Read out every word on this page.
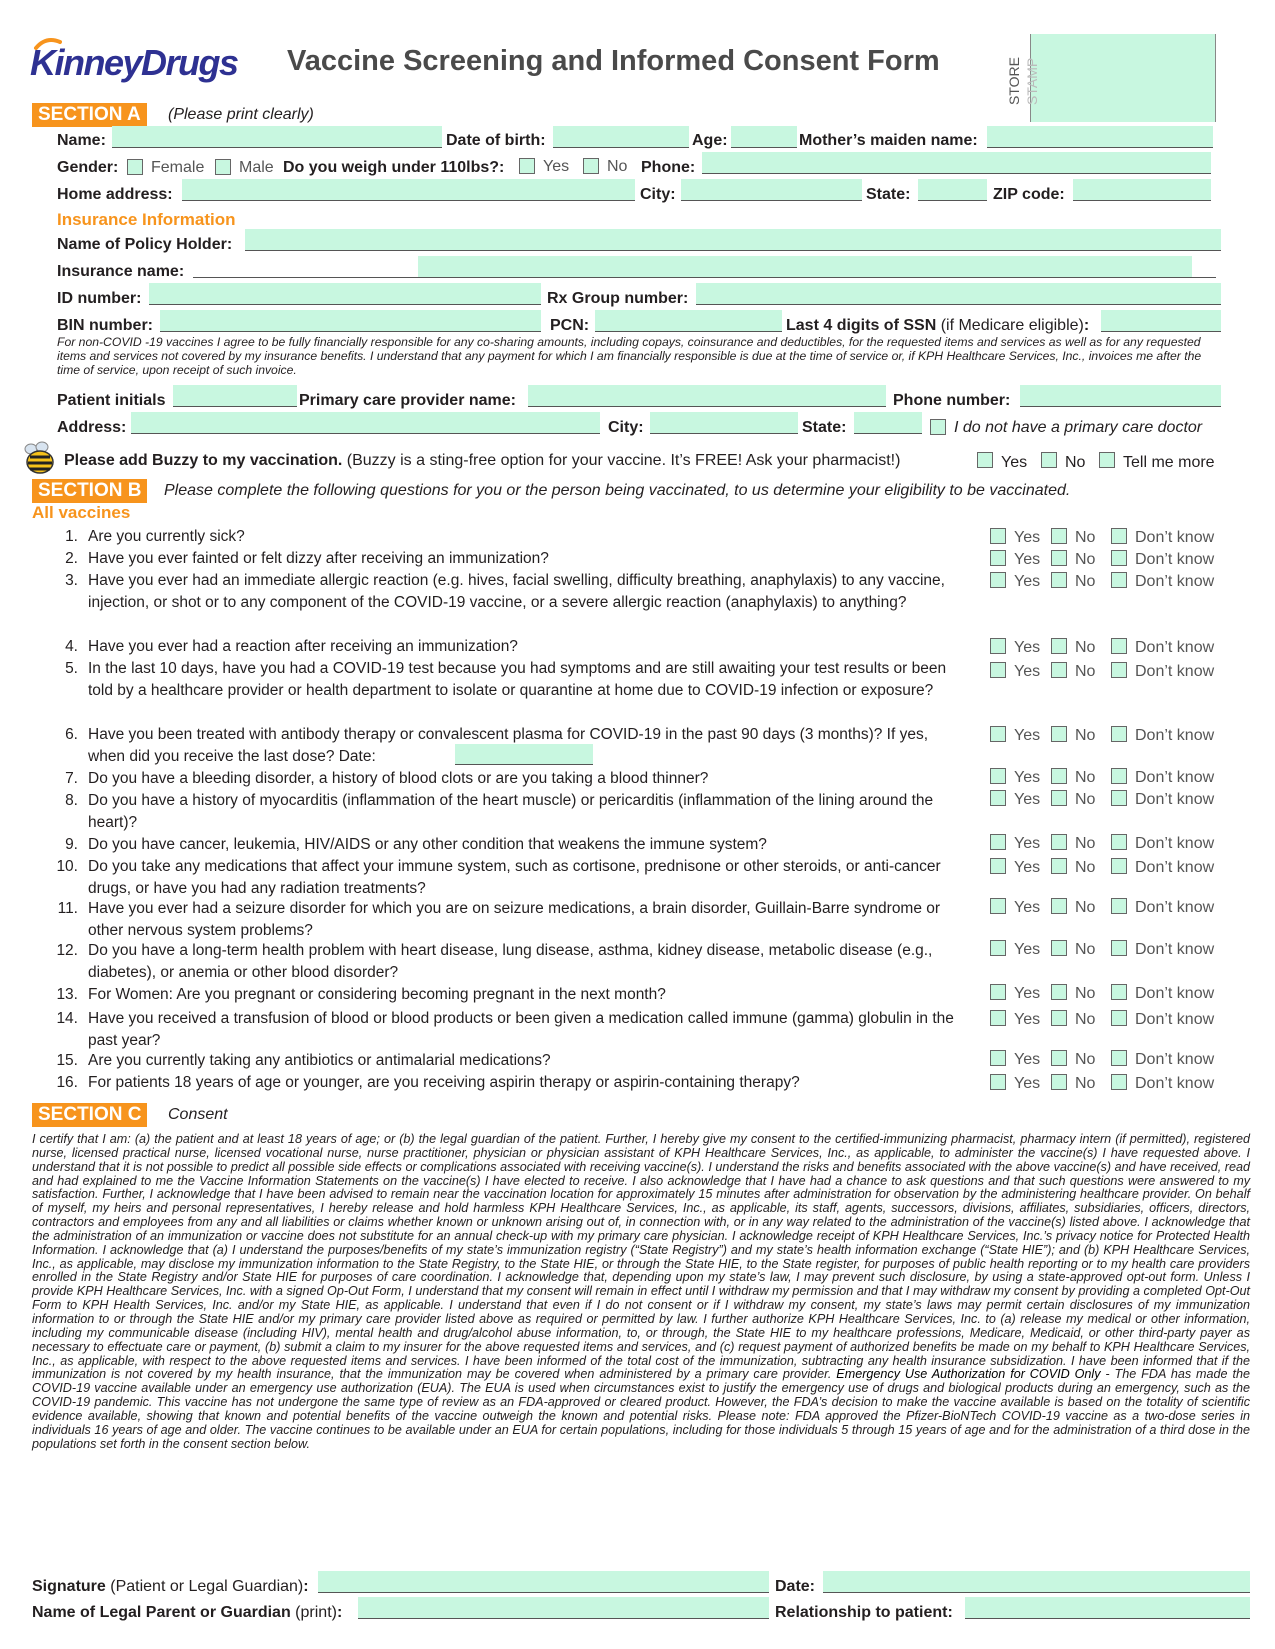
KinneyDrugs Vaccine Screening and Informed Consent Form	STORE STAMP
SECTION A	(Please print clearly)
Name:	Date of birth:	Age:	Mother’s maiden name:
Gender: Female Male Do you weigh under 110lbs?: Yes No Phone:
Home address:	City:	State:	ZIP code:
Insurance Information
Name of Policy Holder:
Insurance name:
ID number:	Rx Group number:
BIN number:	PCN:	Last 4 digits of SSN (if Medicare eligible):
For non-COVID -19 vaccines I agree to be fully financially responsible for any co-sharing amounts, including copays, coinsurance and deductibles, for the requested items and services as well as for any requested items and services not covered by my insurance benefits. I understand that any payment for which I am financially responsible is due at the time of service or, if KPH Healthcare Services, Inc., invoices me after the time of service, upon receipt of such invoice.
Patient initials	Primary care provider name:	Phone number:
Address:	City:	State:	I do not have a primary care doctor
Please add Buzzy to my vaccination. (Buzzy is a sting-free option for your vaccine. It’s FREE! Ask your pharmacist!)	Yes No Tell me more
SECTION B	Please complete the following questions for you or the person being vaccinated, to us determine your eligibility to be vaccinated.
All vaccines
1. Are you currently sick?	Yes No Don’t know
2. Have you ever fainted or felt dizzy after receiving an immunization?	Yes No Don’t know
3. Have you ever had an immediate allergic reaction (e.g. hives, facial swelling, difficulty breathing, anaphylaxis) to any vaccine, injection, or shot or to any component of the COVID-19 vaccine, or a severe allergic reaction (anaphylaxis) to anything?
Yes No Don’t know
4. Have you ever had a reaction after receiving an immunization?	Yes No Don’t know
5. In the last 10 days, have you had a COVID-19 test because you had symptoms and are still awaiting your test results or been told by a healthcare provider or health department to isolate or quarantine at home due to COVID-19 infection or exposure?
Yes No Don’t know
6. Have you been treated with antibody therapy or convalescent plasma for COVID-19 in the past 90 days (3 months)? If yes, when did you receive the last dose? Date:
Yes No Don’t know
7. Do you have a bleeding disorder, a history of blood clots or are you taking a blood thinner?	Yes No Don’t know
8. Do you have a history of myocarditis (inflammation of the heart muscle) or pericarditis (inflammation of the lining around the heart)?
Yes No Don’t know
9. Do you have cancer, leukemia, HIV/AIDS or any other condition that weakens the immune system?	Yes No Don’t know
10. Do you take any medications that affect your immune system, such as cortisone, prednisone or other steroids, or anti-cancer drugs, or have you had any radiation treatments?
Yes No Don’t know
11. Have you ever had a seizure disorder for which you are on seizure medications, a brain disorder, Guillain-Barre syndrome or other nervous system problems?
Yes No Don’t know
12. Do you have a long-term health problem with heart disease, lung disease, asthma, kidney disease, metabolic disease (e.g., diabetes), or anemia or other blood disorder?
Yes No Don’t know
13. For Women: Are you pregnant or considering becoming pregnant in the next month?	Yes No Don’t know
14. Have you received a transfusion of blood or blood products or been given a medication called immune (gamma) globulin in the past year?
Yes No Don’t know
15. Are you currently taking any antibiotics or antimalarial medications?	Yes No Don’t know
16. For patients 18 years of age or younger, are you receiving aspirin therapy or aspirin-containing therapy?	Yes No Don’t know
SECTION C	Consent
I certify that I am: (a) the patient and at least 18 years of age; or (b) the legal guardian of the patient. Further, I hereby give my consent to the certified-immunizing pharmacist, pharmacy intern (if permitted), registered nurse, licensed practical nurse, licensed vocational nurse, nurse practitioner, physician or physician assistant of KPH Healthcare Services, Inc., as applicable, to administer the vaccine(s) I have requested above. I understand that it is not possible to predict all possible side effects or complications associated with receiving vaccine(s). I understand the risks and benefits associated with the above vaccine(s) and have received, read and had explained to me the Vaccine Information Statements on the vaccine(s) I have elected to receive. I also acknowledge that I have had a chance to ask questions and that such questions were answered to my satisfaction. Further, I acknowledge that I have been advised to remain near the vaccination location for approximately 15 minutes after administration for observation by the administering healthcare provider. On behalf of myself, my heirs and personal representatives, I hereby release and hold harmless KPH Healthcare Services, Inc., as applicable, its staff, agents, successors, divisions, affiliates, subsidiaries, officers, directors, contractors and employees from any and all liabilities or claims whether known or unknown arising out of, in connection with, or in any way related to the administration of the vaccine(s) listed above. I acknowledge that the administration of an immunization or vaccine does not substitute for an annual check-up with my primary care physician. I acknowledge receipt of KPH Healthcare Services, Inc.’s privacy notice for Protected Health Information. I acknowledge that (a) I understand the purposes/benefits of my state’s immunization registry (“State Registry”) and my state’s health information exchange (“State HIE”); and (b) KPH Healthcare Services, Inc., as applicable, may disclose my immunization information to the State Registry, to the State HIE, or through the State HIE, to the State register, for purposes of public health reporting or to my health care providers enrolled in the State Registry and/or State HIE for purposes of care coordination. I acknowledge that, depending upon my state’s law, I may prevent such disclosure, by using a state-approved opt-out form. Unless I provide KPH Healthcare Services, Inc. with a signed Op-Out Form, I understand that my consent will remain in effect until I withdraw my permission and that I may withdraw my consent by providing a completed Opt-Out Form to KPH Health Services, Inc. and/or my State HIE, as applicable. I understand that even if I do not consent or if I withdraw my consent, my state’s laws may permit certain disclosures of my immunization information to or through the State HIE and/or my primary care provider listed above as required or permitted by law. I further authorize KPH Healthcare Services, Inc. to (a) release my medical or other information, including my communicable disease (including HIV), mental health and drug/alcohol abuse information, to, or through, the State HIE to my healthcare professions, Medicare, Medicaid, or other third-party payer as necessary to effectuate care or payment, (b) submit a claim to my insurer for the above requested items and services, and (c) request payment of authorized benefits be made on my behalf to KPH Healthcare Services, Inc., as applicable, with respect to the above requested items and services. I have been informed of the total cost of the immunization, subtracting any health insurance subsidization. I have been informed that if the immunization is not covered by my health insurance, that the immunization may be covered when administered by a primary care provider. Emergency Use Authorization for COVID Only - The FDA has made the COVID-19 vaccine available under an emergency use authorization (EUA). The EUA is used when circumstances exist to justify the emergency use of drugs and biological products during an emergency, such as the COVID-19 pandemic. This vaccine has not undergone the same type of review as an FDA-approved or cleared product. However, the FDA’s decision to make the vaccine available is based on the totality of scientific evidence available, showing that known and potential benefits of the vaccine outweigh the known and potential risks. Please note: FDA approved the Pfizer-BioNTech COVID-19 vaccine as a two-dose series in individuals 16 years of age and older. The vaccine continues to be available under an EUA for certain populations, including for those individuals 5 through 15 years of age and for the administration of a third dose in the populations set forth in the consent section below.
Signature (Patient or Legal Guardian):	Date:
Name of Legal Parent or Guardian (print):	Relationship to patient:
